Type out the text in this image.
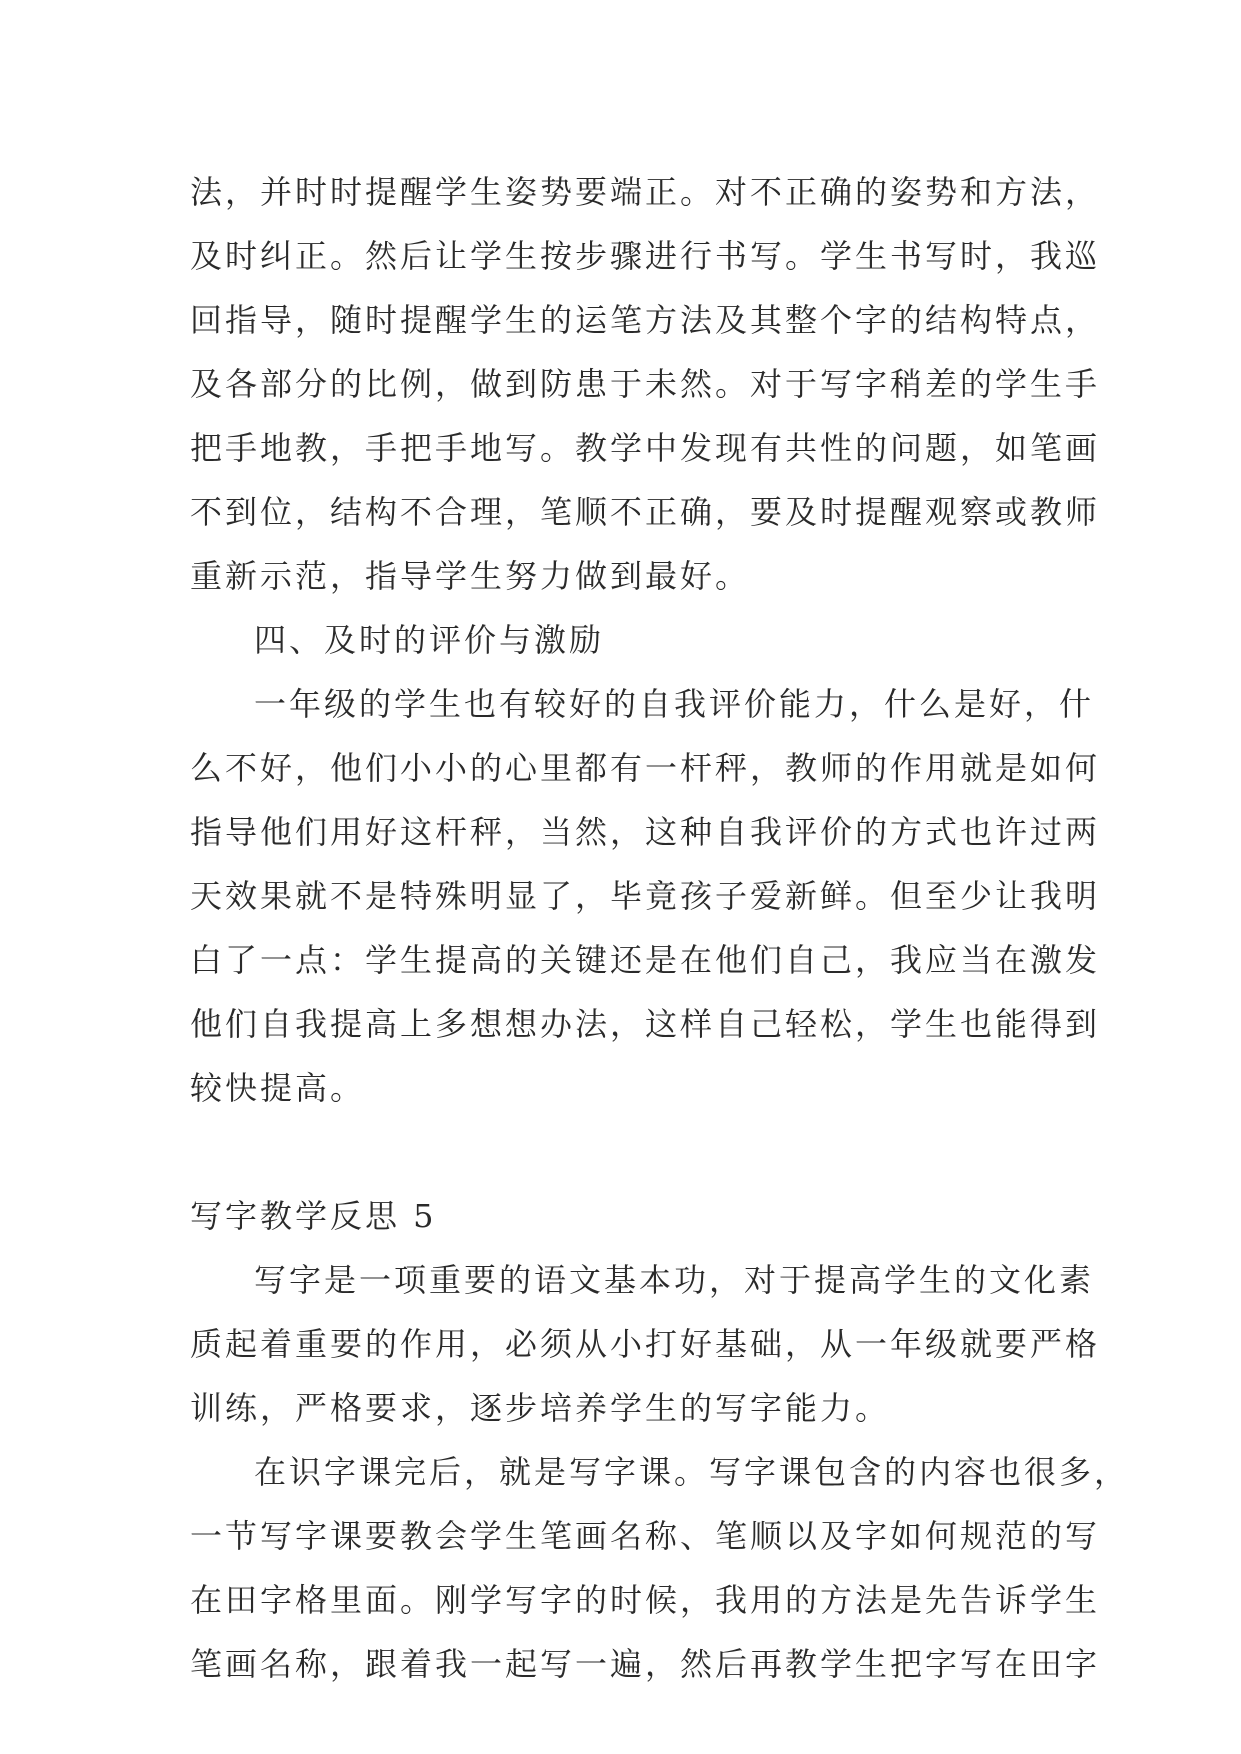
法，并时时提醒学生姿势要端正。对不正确的姿势和方法，
及时纠正。然后让学生按步骤进行书写。学生书写时，我巡
回指导，随时提醒学生的运笔方法及其整个字的结构特点，
及各部分的比例，做到防患于未然。对于写字稍差的学生手
把手地教，手把手地写。教学中发现有共性的问题，如笔画
不到位，结构不合理，笔顺不正确，要及时提醒观察或教师
重新示范，指导学生努力做到最好。
四、及时的评价与激励
一年级的学生也有较好的自我评价能力，什么是好，什
么不好，他们小小的心里都有一杆秤，教师的作用就是如何
指导他们用好这杆秤，当然，这种自我评价的方式也许过两
天效果就不是特殊明显了，毕竟孩子爱新鲜。但至少让我明
白了一点：学生提高的关键还是在他们自己，我应当在激发
他们自我提高上多想想办法，这样自己轻松，学生也能得到
较快提高。
写字教学反思 5
写字是一项重要的语文基本功，对于提高学生的文化素
质起着重要的作用，必须从小打好基础，从一年级就要严格
训练，严格要求，逐步培养学生的写字能力。
在识字课完后，就是写字课。写字课包含的内容也很多，
一节写字课要教会学生笔画名称、笔顺以及字如何规范的写
在田字格里面。刚学写字的时候，我用的方法是先告诉学生
笔画名称，跟着我一起写一遍，然后再教学生把字写在田字
